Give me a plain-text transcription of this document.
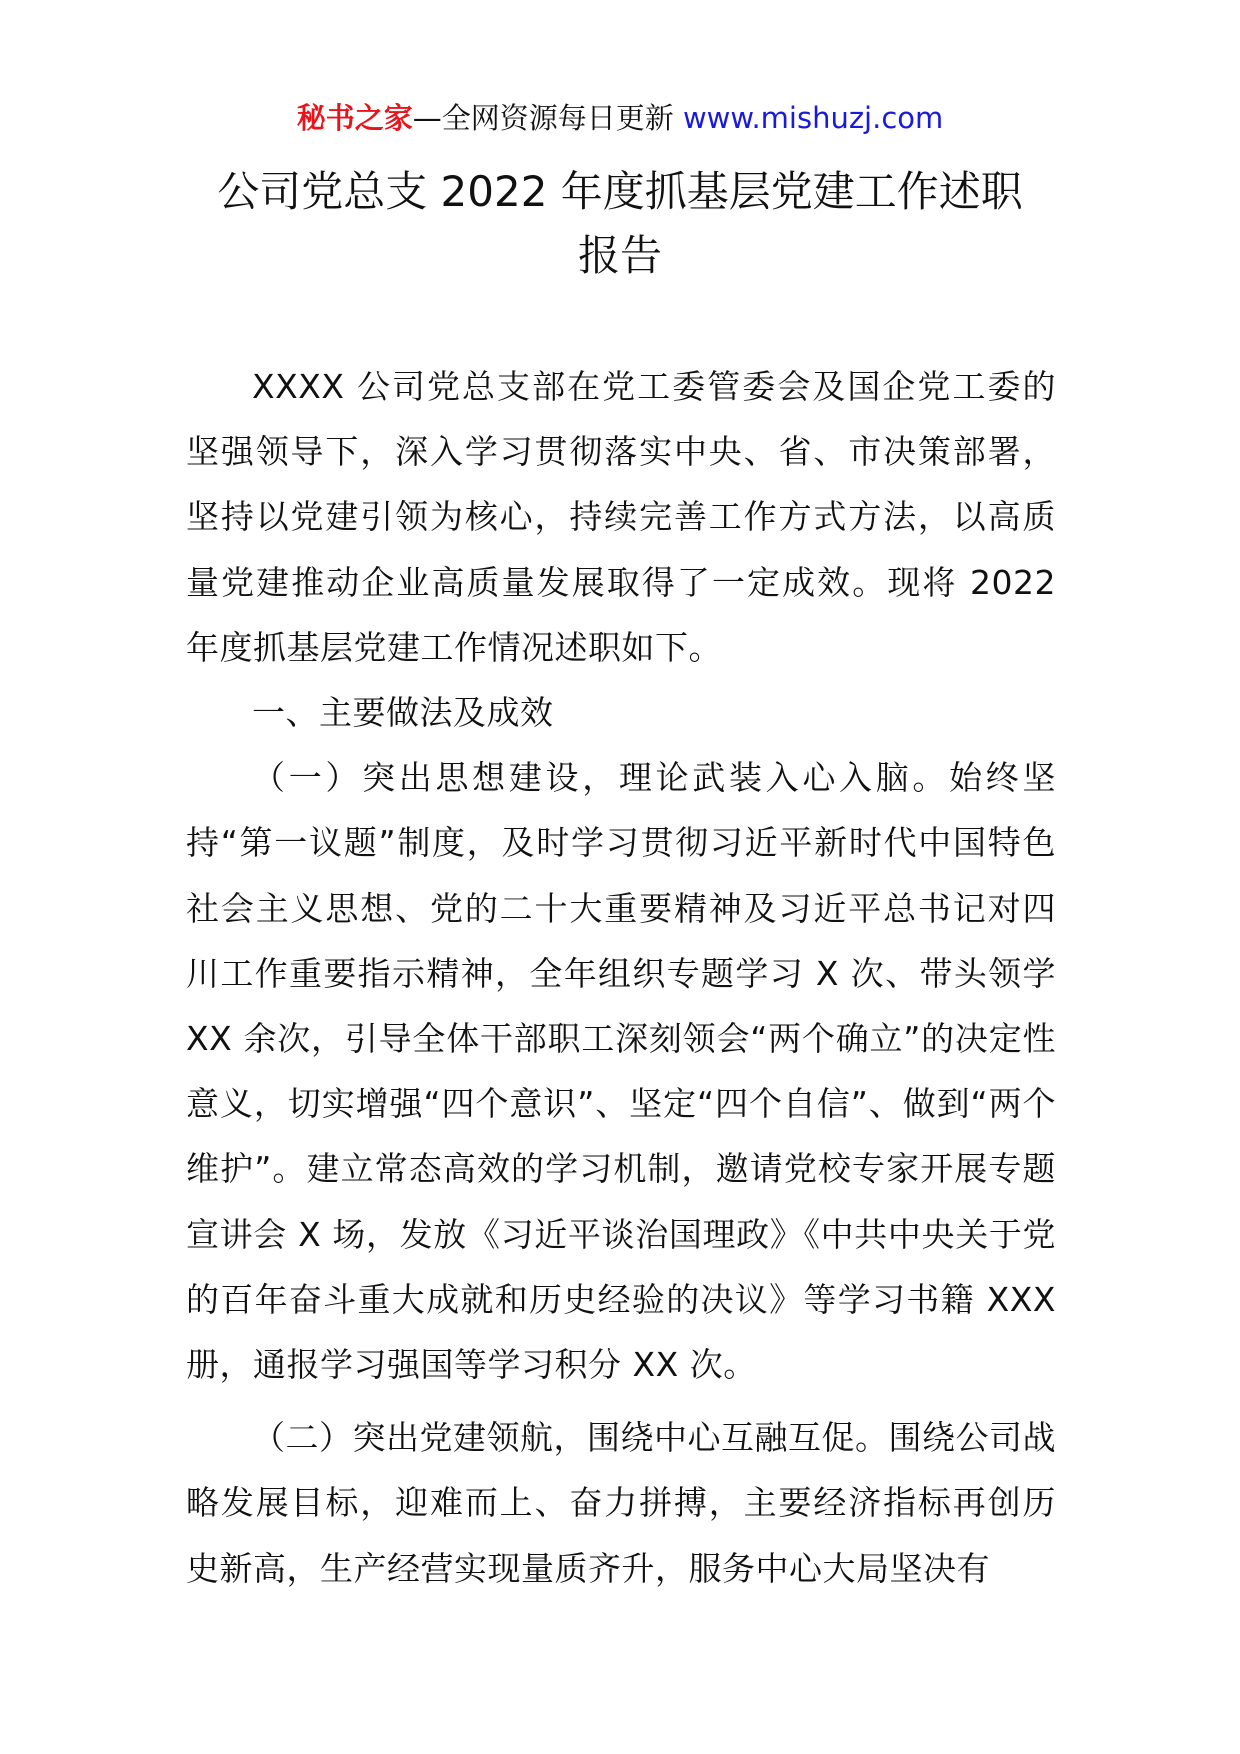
秘书之家—全网资源每日更新 www.mishuzj.com
公司党总支 2022 年度抓基层党建工作述职
报告

XXXX 公司党总支部在党工委管委会及国企党工委的坚强领导下，深入学习贯彻落实中央、省、市决策部署，坚持以党建引领为核心，持续完善工作方式方法，以高质量党建推动企业高质量发展取得了一定成效。现将 2022 年度抓基层党建工作情况述职如下。

一、主要做法及成效

（一）突出思想建设，理论武装入心入脑。始终坚持“第一议题”制度，及时学习贯彻习近平新时代中国特色社会主义思想、党的二十大重要精神及习近平总书记对四川工作重要指示精神，全年组织专题学习 X 次、带头领学 XX 余次，引导全体干部职工深刻领会“两个确立”的决定性意义，切实增强“四个意识”、坚定“四个自信”、做到“两个维护”。建立常态高效的学习机制，邀请党校专家开展专题宣讲会 X 场，发放《习近平谈治国理政》《中共中央关于党的百年奋斗重大成就和历史经验的决议》等学习书籍 XXX 册，通报学习强国等学习积分 XX 次。

（二）突出党建领航，围绕中心互融互促。围绕公司战略发展目标，迎难而上、奋力拼搏，主要经济指标再创历史新高，生产经营实现量质齐升，服务中心大局坚决有
